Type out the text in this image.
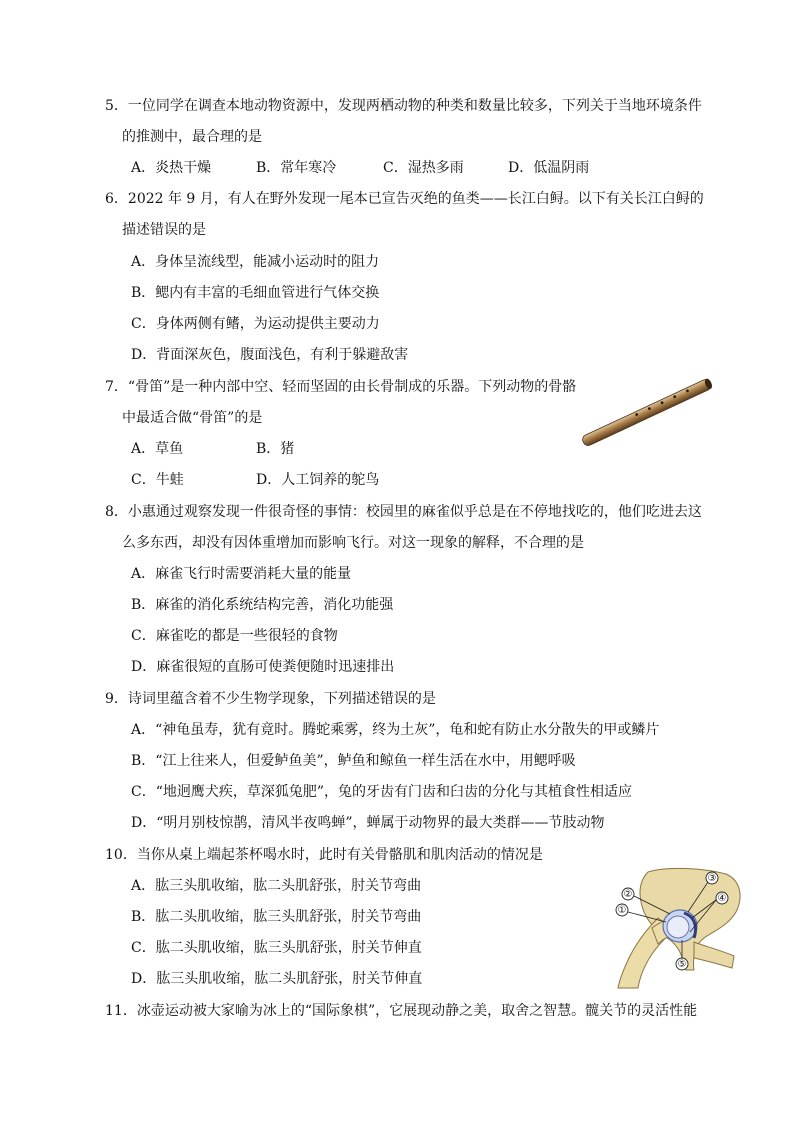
5．一位同学在调查本地动物资源中，发现两栖动物的种类和数量比较多，下列关于当地环境条件
的推测中，最合理的是
A．炎热干燥	B．常年寒冷	C．湿热多雨	D．低温阴雨
6．2022 年 9 月，有人在野外发现一尾本已宣告灭绝的鱼类——长江白鲟。以下有关长江白鲟的
描述错误的是
A．身体呈流线型，能减小运动时的阻力
B．鳃内有丰富的毛细血管进行气体交换
C．身体两侧有鳍，为运动提供主要动力
D．背面深灰色，腹面浅色，有利于躲避敌害
7．“骨笛”是一种内部中空、轻而坚固的由长骨制成的乐器。下列动物的骨骼
中最适合做“骨笛”的是
A．草鱼	B．猪
C．牛蛙	D．人工饲养的鸵鸟
8．小惠通过观察发现一件很奇怪的事情：校园里的麻雀似乎总是在不停地找吃的，他们吃进去这
么多东西，却没有因体重增加而影响飞行。对这一现象的解释，不合理的是
A．麻雀飞行时需要消耗大量的能量
B．麻雀的消化系统结构完善，消化功能强
C．麻雀吃的都是一些很轻的食物
D．麻雀很短的直肠可使粪便随时迅速排出
9．诗词里蕴含着不少生物学现象，下列描述错误的是
A．“神龟虽寿，犹有竟时。腾蛇乘雾，终为土灰”，龟和蛇有防止水分散失的甲或鳞片
B．“江上往来人，但爱鲈鱼美”，鲈鱼和鲸鱼一样生活在水中，用鳃呼吸
C．“地迥鹰犬疾，草深狐兔肥”，兔的牙齿有门齿和臼齿的分化与其植食性相适应
D．“明月别枝惊鹊，清风半夜鸣蝉”，蝉属于动物界的最大类群——节肢动物
10．当你从桌上端起茶杯喝水时，此时有关骨骼肌和肌肉活动的情况是
A．肱三头肌收缩，肱二头肌舒张，肘关节弯曲
B．肱二头肌收缩，肱三头肌舒张，肘关节弯曲
C．肱二头肌收缩，肱三头肌舒张，肘关节伸直
D．肱三头肌收缩，肱二头肌舒张，肘关节伸直
①
②
③
④
⑤
11．冰壶运动被大家喻为冰上的“国际象棋”，它展现动静之美，取舍之智慧。髋关节的灵活性能
